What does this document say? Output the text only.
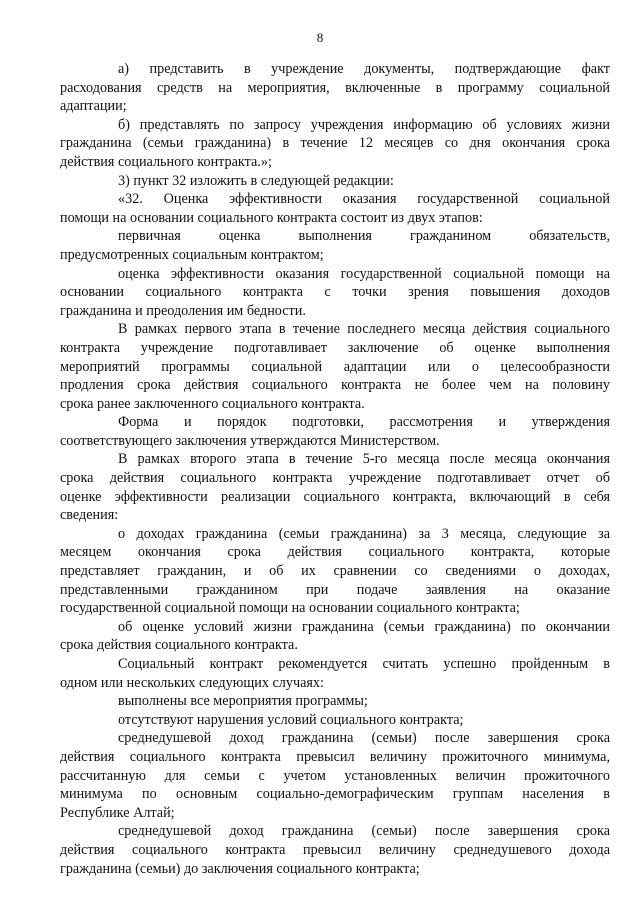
8
а) представить в учреждение документы, подтверждающие факт
расходования средств на мероприятия, включенные в программу социальной
адаптации;
б) представлять по запросу учреждения информацию об условиях жизни
гражданина (семьи гражданина) в течение 12 месяцев со дня окончания срока
действия социального контракта.»;
3) пункт 32 изложить в следующей редакции:
«32. Оценка эффективности оказания государственной социальной
помощи на основании социального контракта состоит из двух этапов:
первичная оценка выполнения гражданином обязательств,
предусмотренных социальным контрактом;
оценка эффективности оказания государственной социальной помощи на
основании социального контракта с точки зрения повышения доходов
гражданина и преодоления им бедности.
В рамках первого этапа в течение последнего месяца действия социального
контракта учреждение подготавливает заключение об оценке выполнения
мероприятий программы социальной адаптации или о целесообразности
продления срока действия социального контракта не более чем на половину
срока ранее заключенного социального контракта.
Форма и порядок подготовки, рассмотрения и утверждения
соответствующего заключения утверждаются Министерством.
В рамках второго этапа в течение 5-го месяца после месяца окончания
срока действия социального контракта учреждение подготавливает отчет об
оценке эффективности реализации социального контракта, включающий в себя
сведения:
о доходах гражданина (семьи гражданина) за 3 месяца, следующие за
месяцем окончания срока действия социального контракта, которые
представляет гражданин, и об их сравнении со сведениями о доходах,
представленными гражданином при подаче заявления на оказание
государственной социальной помощи на основании социального контракта;
об оценке условий жизни гражданина (семьи гражданина) по окончании
срока действия социального контракта.
Социальный контракт рекомендуется считать успешно пройденным в
одном или нескольких следующих случаях:
выполнены все мероприятия программы;
отсутствуют нарушения условий социального контракта;
среднедушевой доход гражданина (семьи) после завершения срока
действия социального контракта превысил величину прожиточного минимума,
рассчитанную для семьи с учетом установленных величин прожиточного
минимума по основным социально-демографическим группам населения в
Республике Алтай;
среднедушевой доход гражданина (семьи) после завершения срока
действия социального контракта превысил величину среднедушевого дохода
гражданина (семьи) до заключения социального контракта;
